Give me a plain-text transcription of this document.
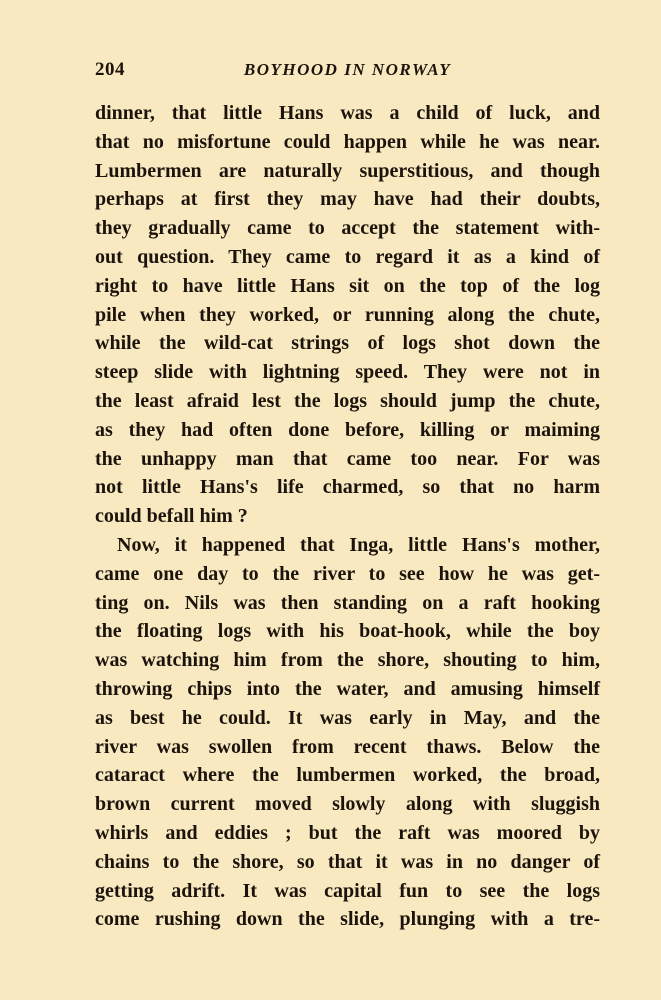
204	BOYHOOD IN NORWAY
dinner, that little Hans was a child of luck, and
that no misfortune could happen while he was near.
Lumbermen are naturally superstitious, and though
perhaps at first they may have had their doubts,
they gradually came to accept the statement with-
out question. They came to regard it as a kind of
right to have little Hans sit on the top of the log
pile when they worked, or running along the chute,
while the wild-cat strings of logs shot down the
steep slide with lightning speed. They were not in
the least afraid lest the logs should jump the chute,
as they had often done before, killing or maiming
the unhappy man that came too near. For was
not little Hans's life charmed, so that no harm
could befall him ?
Now, it happened that Inga, little Hans's mother,
came one day to the river to see how he was get-
ting on. Nils was then standing on a raft hooking
the floating logs with his boat-hook, while the boy
was watching him from the shore, shouting to him,
throwing chips into the water, and amusing himself
as best he could. It was early in May, and the
river was swollen from recent thaws. Below the
cataract where the lumbermen worked, the broad,
brown current moved slowly along with sluggish
whirls and eddies ; but the raft was moored by
chains to the shore, so that it was in no danger of
getting adrift. It was capital fun to see the logs
come rushing down the slide, plunging with a tre-
